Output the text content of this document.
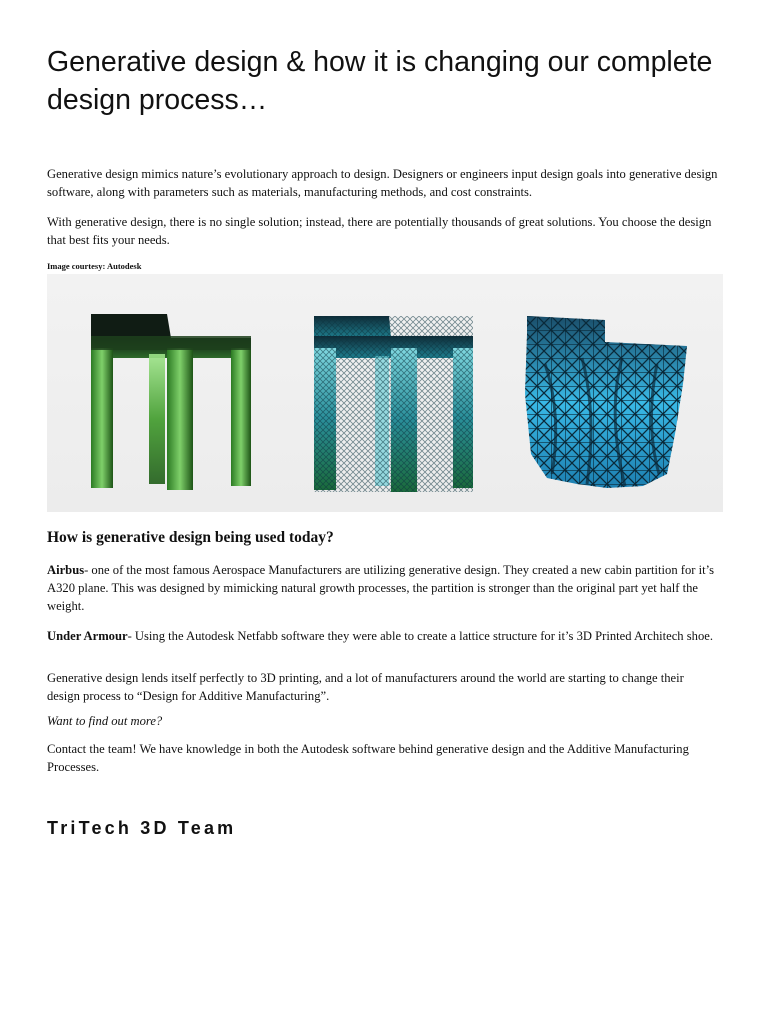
Generative design & how it is changing our complete design process…

Generative design mimics nature’s evolutionary approach to design. Designers or engineers input design goals into generative design software, along with parameters such as materials, manufacturing methods, and cost constraints.

With generative design, there is no single solution; instead, there are potentially thousands of great solutions. You choose the design that best fits your needs.

Image courtesy: Autodesk

How is generative design being used today?

Airbus- one of the most famous Aerospace Manufacturers are utilizing generative design. They created a new cabin partition for it’s A320 plane. This was designed by mimicking natural growth processes, the partition is stronger than the original part yet half the weight.

Under Armour- Using the Autodesk Netfabb software they were able to create a lattice structure for it’s 3D Printed Architech shoe.

Generative design lends itself perfectly to 3D printing, and a lot of manufacturers around the world are starting to change their design process to “Design for Additive Manufacturing”.

Want to find out more?

Contact the team! We have knowledge in both the Autodesk software behind generative design and the Additive Manufacturing Processes.

TriTech 3D Team
